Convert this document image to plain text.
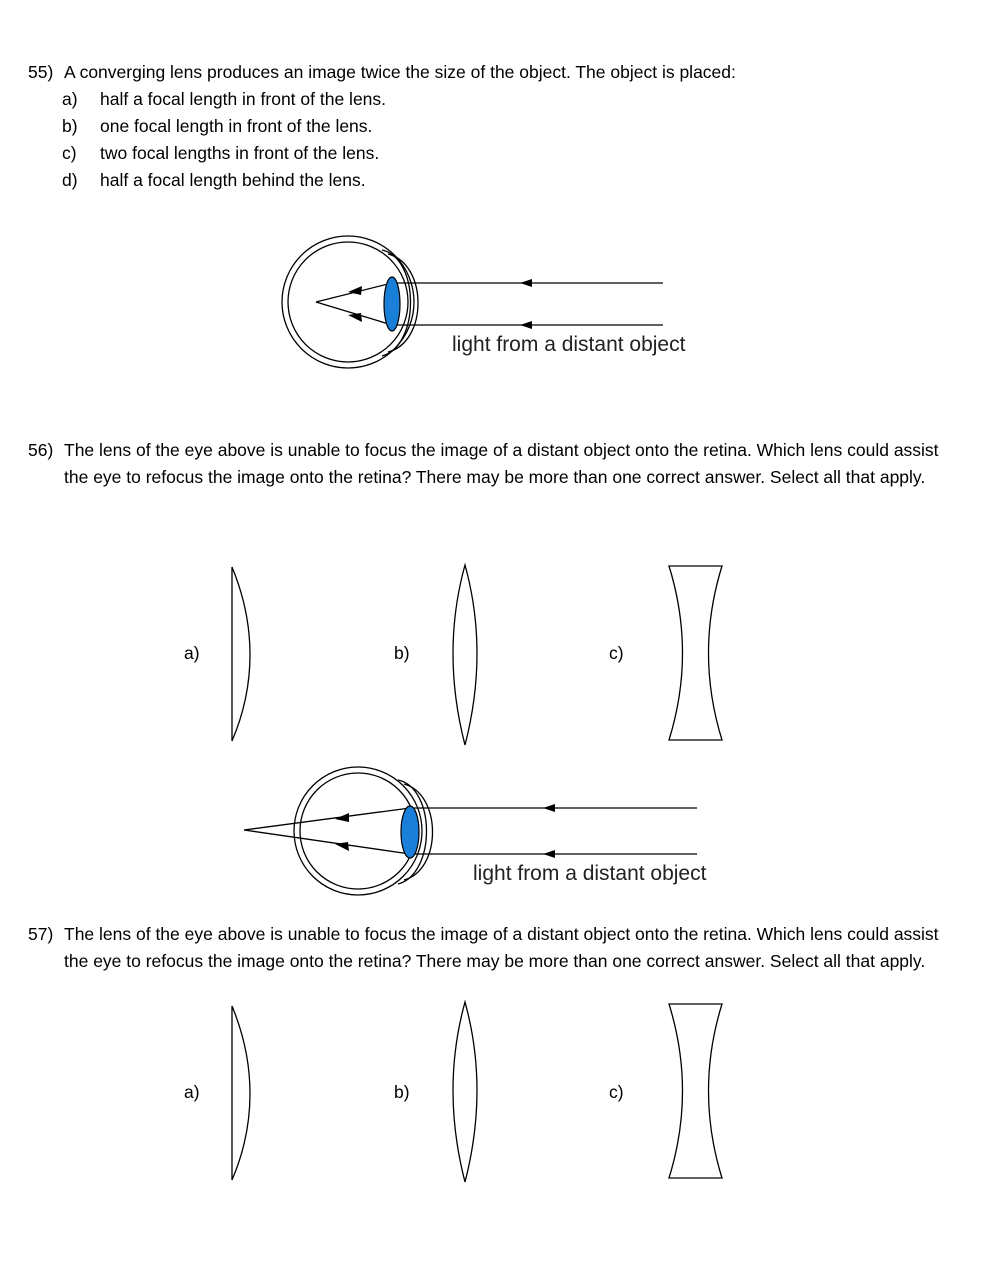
55) A converging lens produces an image twice the size of the object. The object is placed:
a)	half a focal length in front of the lens.
b)	one focal length in front of the lens.
c)	two focal lengths in front of the lens.
d)	half a focal length behind the lens.
light from a distant object
56) The lens of the eye above is unable to focus the image of a distant object onto the retina. Which lens could assist the eye to refocus the image onto the retina? There may be more than one correct answer. Select all that apply.
a)	b)	c)
light from a distant object
57) The lens of the eye above is unable to focus the image of a distant object onto the retina. Which lens could assist the eye to refocus the image onto the retina? There may be more than one correct answer. Select all that apply.
a)	b)	c)
